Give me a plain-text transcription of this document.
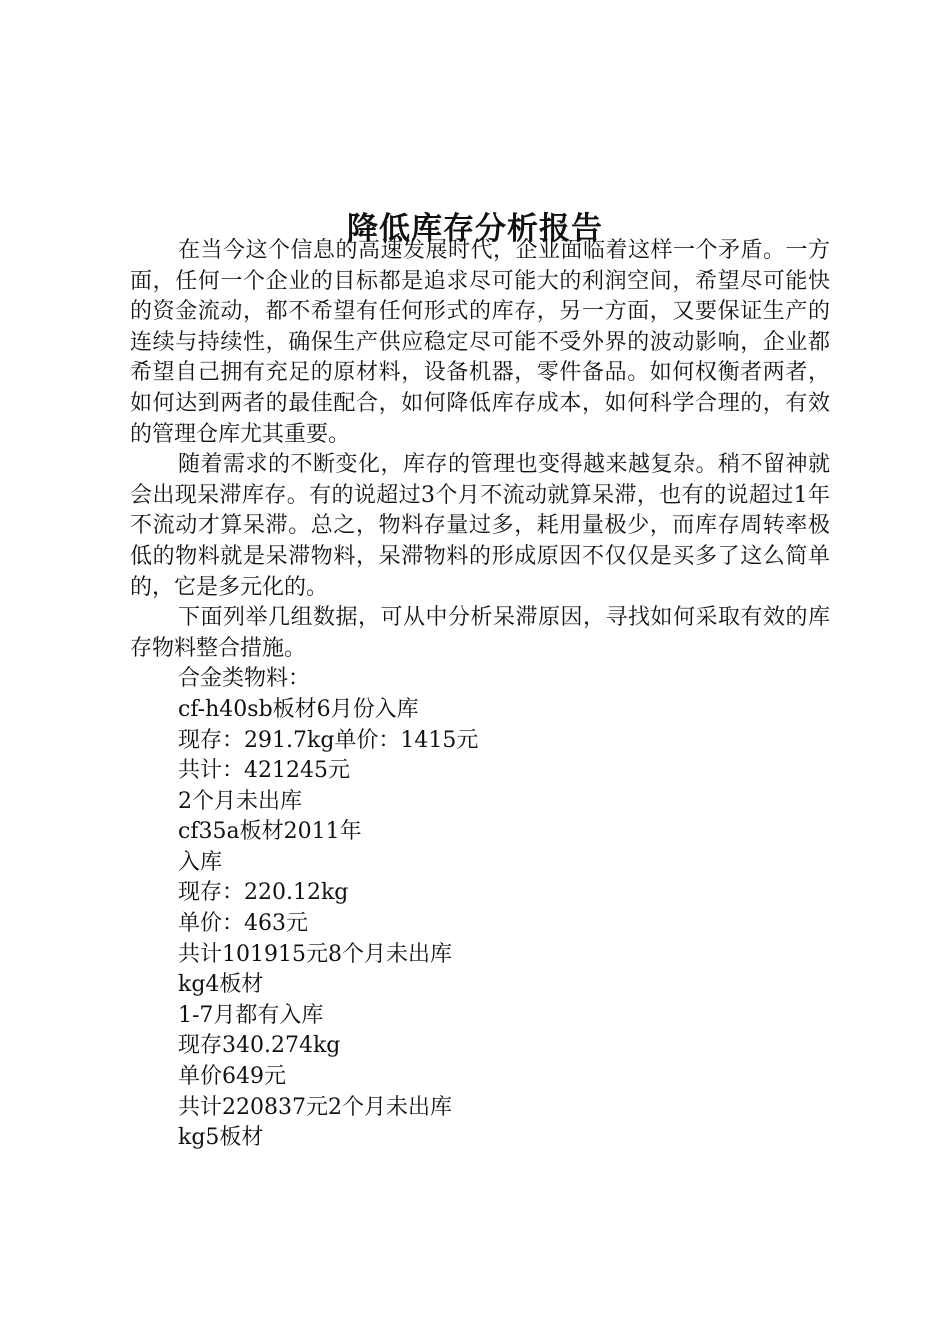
降低库存分析报告

在当今这个信息的高速发展时代，企业面临着这样一个矛盾。一方面，任何一个企业的目标都是追求尽可能大的利润空间，希望尽可能快的资金流动，都不希望有任何形式的库存，另一方面，又要保证生产的连续与持续性，确保生产供应稳定尽可能不受外界的波动影响，企业都希望自己拥有充足的原材料，设备机器，零件备品。如何权衡者两者，如何达到两者的最佳配合，如何降低库存成本，如何科学合理的，有效的管理仓库尤其重要。

随着需求的不断变化，库存的管理也变得越来越复杂。稍不留神就会出现呆滞库存。有的说超过3个月不流动就算呆滞，也有的说超过1年不流动才算呆滞。总之，物料存量过多，耗用量极少，而库存周转率极低的物料就是呆滞物料，呆滞物料的形成原因不仅仅是买多了这么简单的，它是多元化的。

下面列举几组数据，可从中分析呆滞原因，寻找如何采取有效的库存物料整合措施。

合金类物料：

cf-h40sb板材6月份入库

现存：291.7kg单价：1415元

共计：421245元

2个月未出库

cf35a板材2011年

入库

现存：220.12kg

单价：463元

共计101915元8个月未出库

kg4板材

1-7月都有入库

现存340.274kg

单价649元

共计220837元2个月未出库

kg5板材
